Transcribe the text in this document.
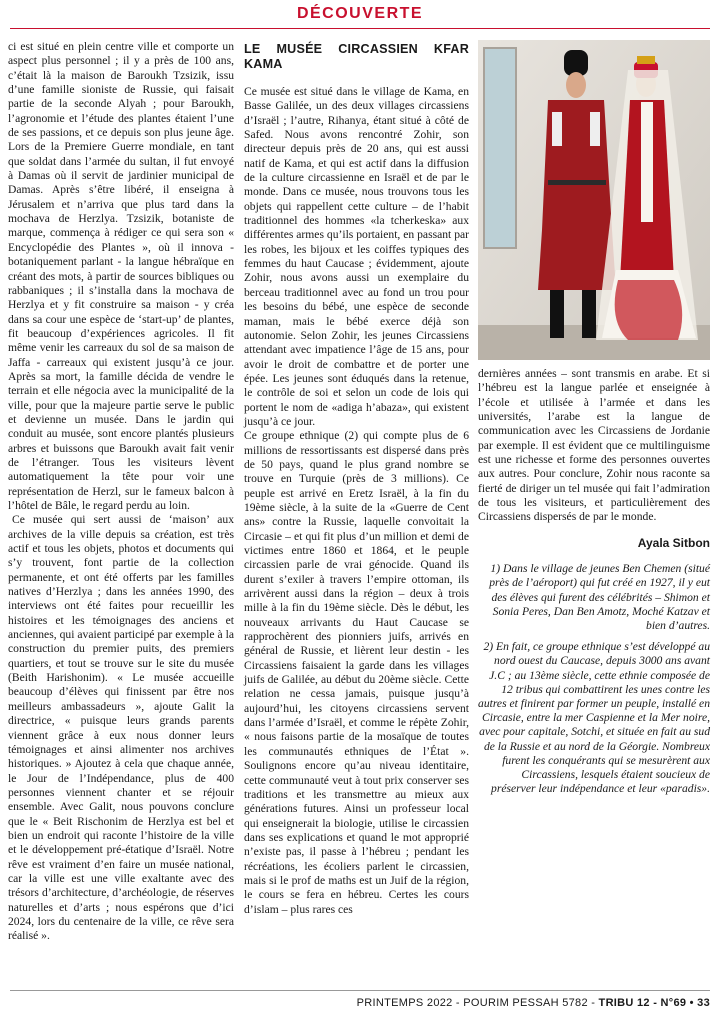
DÉCOUVERTE

ci est situé en plein centre ville et comporte un aspect plus personnel ; il y a près de 100 ans, c’était là la maison de Baroukh Tzsizik, issu d’une famille sioniste de Russie, qui faisait partie de la seconde Alyah ; pour Baroukh, l’agronomie et l’étude des plantes étaient l’une de ses passions, et ce depuis son plus jeune âge. Lors de la Premiere Guerre mondiale, en tant que soldat dans l’armée du sultan, il fut envoyé à Damas où il servit de jardinier municipal de Damas. Après s’être libéré, il enseigna à Jérusalem et n’arriva que plus tard dans la mochava de Herzlya. Tzsizik, botaniste de marque, commença à rédiger ce qui sera son « Encyclopédie des Plantes », où il innova - botaniquement parlant - la langue hébraïque en créant des mots, à partir de sources bibliques ou rabbaniques ; il s’installa dans la mochava de Herzlya et y fit construire sa maison - y créa dans sa cour une espèce de ‘start-up’ de plantes, fit beaucoup d’expériences agricoles. Il fit même venir les carreaux du sol de sa maison de Jaffa - carreaux qui existent jusqu’à ce jour. Après sa mort, la famille décida de vendre le terrain et elle négocia avec la municipalité de la ville, pour que la majeure partie serve le public et devienne un musée. Dans le jardin qui conduit au musée, sont encore plantés plusieurs arbres et buissons que Baroukh avait fait venir de l’étranger. Tous les visiteurs lèvent automatiquement la tête pour voir une représentation de Herzl, sur le fameux balcon à l’hôtel de Bâle, le regard perdu au loin.

Ce musée qui sert aussi de ‘maison’ aux archives de la ville depuis sa création, est très actif et tous les objets, photos et documents qui s’y trouvent, font partie de la collection permanente, et ont été offerts par les familles natives d’Herzlya ; dans les années 1990, des interviews ont été faites pour recueillir les histoires et les témoignages des anciens et anciennes, qui avaient participé par exemple à la construction du premier puits, des premiers quartiers, et tout se trouve sur le site du musée (Beith Harishonim). « Le musée accueille beaucoup d’élèves qui finissent par être nos meilleurs ambassadeurs », ajoute Galit la directrice, « puisque leurs grands parents viennent grâce à eux nous donner leurs témoignages et ainsi alimenter nos archives historiques. » Ajoutez à cela que chaque année, le Jour de l’Indépendance, plus de 400 personnes viennent chanter et se réjouir ensemble. Avec Galit, nous pouvons conclure que le « Beit Rischonim de Herzlya est bel et bien un endroit qui raconte l’histoire de la ville et le développement pré-étatique d’Israël. Notre rêve est vraiment d’en faire un musée national, car la ville est une ville exaltante avec des trésors d’architecture, d’archéologie, de réserves naturelles et d’arts ; nous espérons que d’ici 2024, lors du centenaire de la ville, ce rêve sera réalisé ».

LE MUSÉE CIRCASSIEN KFAR KAMA

Ce musée est situé dans le village de Kama, en Basse Galilée, un des deux villages circassiens d’Israël ; l’autre, Rihanya, étant situé à côté de Safed. Nous avons rencontré Zohir, son directeur depuis près de 20 ans, qui est aussi natif de Kama, et qui est actif dans la diffusion de la culture circassienne en Israël et de par le monde. Dans ce musée, nous trouvons tous les objets qui rappellent cette culture – de l’habit traditionnel des hommes «la tcherkeska» aux différentes armes qu’ils portaient, en passant par les robes, les bijoux et les coiffes typiques des femmes du haut Caucase ; évidemment, ajoute Zohir, nous avons aussi un exemplaire du berceau traditionnel avec au fond un trou pour les besoins du bébé, une espèce de seconde maman, mais le bébé exerce déjà son autonomie. Selon Zohir, les jeunes Circassiens attendant avec impatience l’âge de 15 ans, pour avoir le droit de combattre et de porter une épée. Les jeunes sont éduqués dans la retenue, le contrôle de soi et selon un code de lois qui portent le nom de «adiga h’abaza», qui existent jusqu’à ce jour.

Ce groupe ethnique (2) qui compte plus de 6 millions de ressortissants est dispersé dans près de 50 pays, quand le plus grand nombre se trouve en Turquie (près de 3 millions). Ce peuple est arrivé en Eretz Israël, à la fin du 19ème siècle, à la suite de la «Guerre de Cent ans» contre la Russie, laquelle convoitait la Circasie – et qui fit plus d’un million et demi de victimes entre 1860 et 1864, et le peuple circassien parle de vrai génocide. Quand ils durent s’exiler à travers l’empire ottoman, ils arrivèrent aussi dans la région – deux à trois mille à la fin du 19ème siècle. Dès le début, les nouveaux arrivants du Haut Caucase se rapprochèrent des pionniers juifs, arrivés en général de Russie, et lièrent leur destin - les Circassiens faisaient la garde dans les villages juifs de Galilée, au début du 20ème siècle. Cette relation ne cessa jamais, puisque jusqu’à aujourd’hui, les citoyens circassiens servent dans l’armée d’Israël, et comme le répète Zohir, « nous faisons partie de la mosaïque de toutes les communautés ethniques de l’État ». Soulignons encore qu’au niveau identitaire, cette communauté veut à tout prix conserver ses traditions et les transmettre au mieux aux générations futures. Ainsi un professeur local qui enseignerait la biologie, utilise le circassien dans ses explications et quand le mot approprié n’existe pas, il passe à l’hébreu ; pendant les récréations, les écoliers parlent le circassien, mais si le prof de maths est un Juif de la région, le cours se fera en hébreu. Certes les cours d’islam – plus rares ces

dernières années – sont transmis en arabe. Et si l’hébreu est la langue parlée et enseignée à l’école et utilisée à l’armée et dans les universités, l’arabe est la langue de communication avec les Circassiens de Jordanie par exemple. Il est évident que ce multilinguisme est une richesse et forme des personnes ouvertes aux autres. Pour conclure, Zohir nous raconte sa fierté de diriger un tel musée qui fait l’admiration de tous les visiteurs, et particulièrement des Circassiens dispersés de par le monde.

Ayala Sitbon

1) Dans le village de jeunes Ben Chemen (situé près de l’aéroport) qui fut créé en 1927, il y eut des élèves qui furent des célébrités – Shimon et Sonia Peres, Dan Ben Amotz, Moché Katzav et bien d’autres.

2) En fait, ce groupe ethnique s’est développé au nord ouest du Caucase, depuis 3000 ans avant J.C ; au 13ème siècle, cette ethnie composée de 12 tribus qui combattirent les unes contre les autres et finirent par former un peuple, installé en Circasie, entre la mer Caspienne et la Mer noire, avec pour capitale, Sotchi, et située en fait au sud de la Russie et au nord de la Géorgie. Nombreux furent les conquérants qui se mesurèrent aux Circassiens, lesquels étaient soucieux de préserver leur indépendance et leur «paradis».

PRINTEMPS 2022 - POURIM PESSAH 5782 - TRIBU 12 - N°69 • 33
